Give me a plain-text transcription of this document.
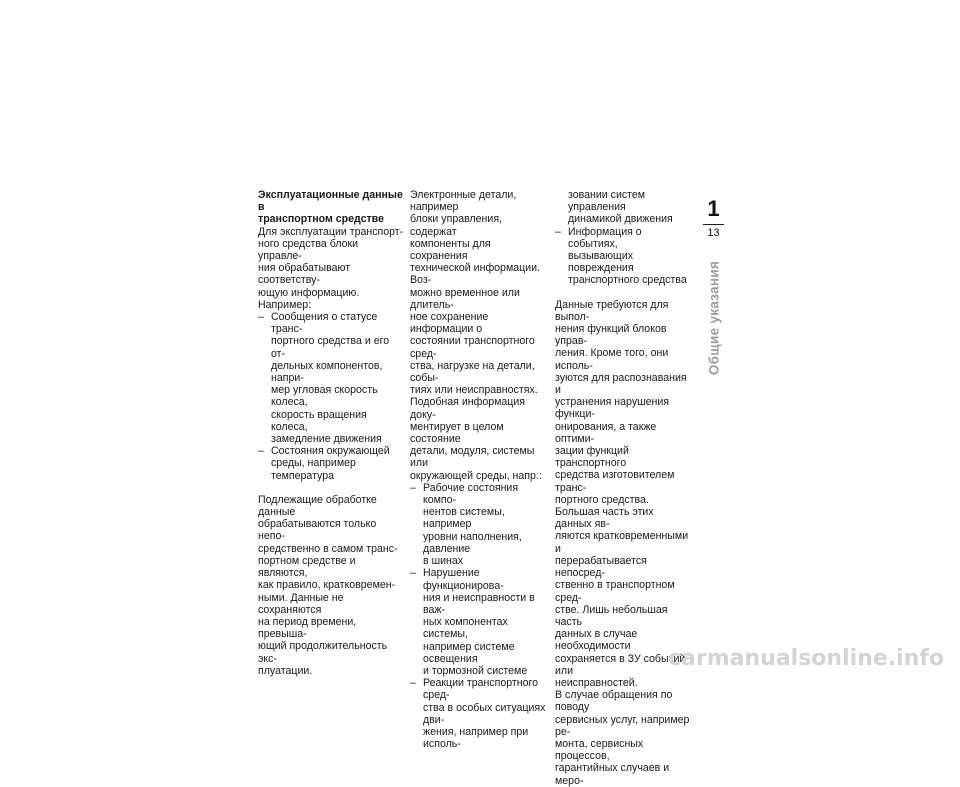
Эксплуатационные данные в
транспортном средстве
Для эксплуатации транспорт-
ного средства блоки управле-
ния обрабатывают соответству-
ющую информацию.
Например:
– Сообщения о статусе транс-
портного средства и его от-
дельных компонентов, напри-
мер угловая скорость колеса,
скорость вращения колеса,
замедление движения
– Состояния окружающей
среды, например температура
Подлежащие обработке данные
обрабатываются только непо-
средственно в самом транс-
портном средстве и являются,
как правило, кратковремен-
ными. Данные не сохраняются
на период времени, превыша-
ющий продолжительность экс-
плуатации.
Электронные детали, например
блоки управления, содержат
компоненты для сохранения
технической информации. Воз-
можно временное или длитель-
ное сохранение информации о
состоянии транспортного сред-
ства, нагрузке на детали, собы-
тиях или неисправностях.
Подобная информация доку-
ментирует в целом состояние
детали, модуля, системы или
окружающей среды, напр.:
– Рабочие состояния компо-
нентов системы, например
уровни наполнения, давление
в шинах
– Нарушение функционирова-
ния и неисправности в важ-
ных компонентах системы,
например системе освещения
и тормозной системе
– Реакции транспортного сред-
ства в особых ситуациях дви-
жения, например при исполь-
зовании систем управления
динамикой движения
– Информация о событиях,
вызывающих повреждения
транспортного средства
Данные требуются для выпол-
нения функций блоков управ-
ления. Кроме того, они исполь-
зуются для распознавания и
устранения нарушения функци-
онирования, а также оптими-
зации функций транспортного
средства изготовителем транс-
портного средства.
Большая часть этих данных яв-
ляются кратковременными и
перерабатывается непосред-
ственно в транспортном сред-
стве. Лишь небольшая часть
данных в случае необходимости
сохраняется в ЗУ событий или
неисправностей.
В случае обращения по поводу
сервисных услуг, например ре-
монта, сервисных процессов,
гарантийных случаев и меро-
1
13
Общие указания
carmanualsonline.info
